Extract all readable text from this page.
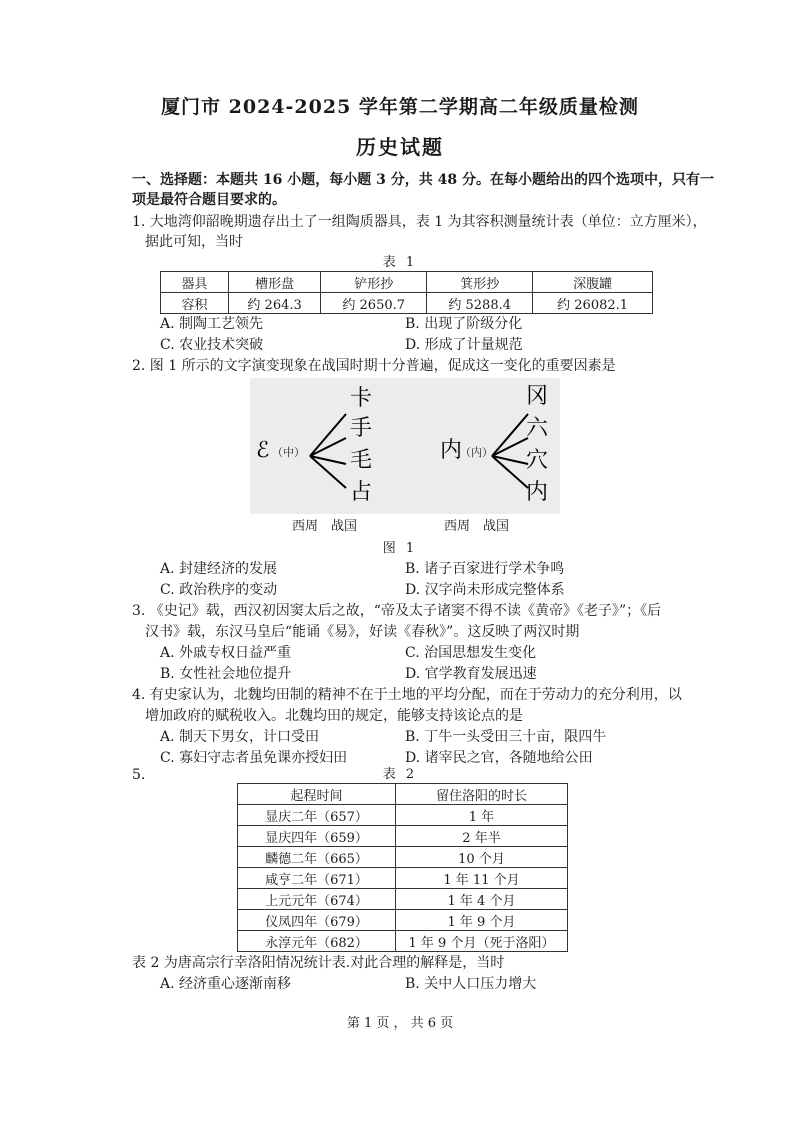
厦门市 2024-2025 学年第二学期高二年级质量检测
历史试题
一、选择题：本题共 16 小题，每小题 3 分，共 48 分。在每小题给出的四个选项中，只有一
项是最符合题目要求的。
1. 大地湾仰韶晚期遗存出土了一组陶质器具，表 1 为其容积测量统计表（单位：立方厘米），
据此可知，当时
表 1
器具	槽形盘	铲形抄	箕形抄	深腹罐
容积	约 264.3	约 2650.7	约 5288.4	约 26082.1
A. 制陶工艺领先	B. 出现了阶级分化
C. 农业技术突破	D. 形成了计量规范
2. 图 1 所示的文字演变现象在战国时期十分普遍，促成这一变化的重要因素是
ℰ （中）
卡
手
毛
占
内
（内）
冈
六
穴
内
西周　战国	西周　战国
图 1
A. 封建经济的发展	B. 诸子百家进行学术争鸣
C. 政治秩序的变动	D. 汉字尚未形成完整体系
3. 《史记》载，西汉初因窦太后之故，“帝及太子诸窦不得不读《黄帝》《老子》”；《后
汉书》载，东汉马皇后“能诵《易》，好读《春秋》”。这反映了两汉时期
A. 外戚专权日益严重	C. 治国思想发生变化
B. 女性社会地位提升	D. 官学教育发展迅速
4. 有史家认为，北魏均田制的精神不在于土地的平均分配，而在于劳动力的充分利用，以
增加政府的赋税收入。北魏均田的规定，能够支持该论点的是
A. 制天下男女，计口受田	B. 丁牛一头受田三十亩，限四牛
C. 寡妇守志者虽免课亦授妇田	D. 诸宰民之官，各随地给公田
5.	表 2
起程时间	留住洛阳的时长
显庆二年（657）	1 年
显庆四年（659）	2 年半
麟德二年（665）	10 个月
咸亨二年（671）	1 年 11 个月
上元元年（674）	1 年 4 个月
仪凤四年（679）	1 年 9 个月
永淳元年（682）	1 年 9 个月（死于洛阳）
表 2 为唐高宗行幸洛阳情况统计表.对此合理的解释是，当时
A. 经济重心逐渐南移	B. 关中人口压力增大
第 1 页 ， 共 6 页
